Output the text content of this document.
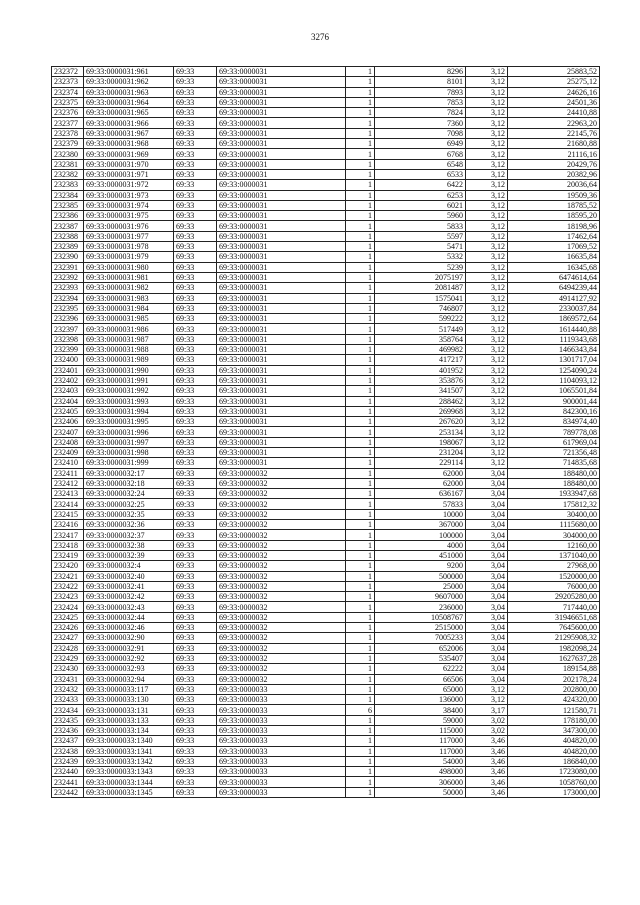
3276
232372	69:33:0000031:961	69:33	69:33:0000031	1	8296	3,12	25883,52
232373	69:33:0000031:962	69:33	69:33:0000031	1	8101	3,12	25275,12
232374	69:33:0000031:963	69:33	69:33:0000031	1	7893	3,12	24626,16
232375	69:33:0000031:964	69:33	69:33:0000031	1	7853	3,12	24501,36
232376	69:33:0000031:965	69:33	69:33:0000031	1	7824	3,12	24410,88
232377	69:33:0000031:966	69:33	69:33:0000031	1	7360	3,12	22963,20
232378	69:33:0000031:967	69:33	69:33:0000031	1	7098	3,12	22145,76
232379	69:33:0000031:968	69:33	69:33:0000031	1	6949	3,12	21680,88
232380	69:33:0000031:969	69:33	69:33:0000031	1	6768	3,12	21116,16
232381	69:33:0000031:970	69:33	69:33:0000031	1	6548	3,12	20429,76
232382	69:33:0000031:971	69:33	69:33:0000031	1	6533	3,12	20382,96
232383	69:33:0000031:972	69:33	69:33:0000031	1	6422	3,12	20036,64
232384	69:33:0000031:973	69:33	69:33:0000031	1	6253	3,12	19509,36
232385	69:33:0000031:974	69:33	69:33:0000031	1	6021	3,12	18785,52
232386	69:33:0000031:975	69:33	69:33:0000031	1	5960	3,12	18595,20
232387	69:33:0000031:976	69:33	69:33:0000031	1	5833	3,12	18198,96
232388	69:33:0000031:977	69:33	69:33:0000031	1	5597	3,12	17462,64
232389	69:33:0000031:978	69:33	69:33:0000031	1	5471	3,12	17069,52
232390	69:33:0000031:979	69:33	69:33:0000031	1	5332	3,12	16635,84
232391	69:33:0000031:980	69:33	69:33:0000031	1	5239	3,12	16345,68
232392	69:33:0000031:981	69:33	69:33:0000031	1	2075197	3,12	6474614,64
232393	69:33:0000031:982	69:33	69:33:0000031	1	2081487	3,12	6494239,44
232394	69:33:0000031:983	69:33	69:33:0000031	1	1575041	3,12	4914127,92
232395	69:33:0000031:984	69:33	69:33:0000031	1	746807	3,12	2330037,84
232396	69:33:0000031:985	69:33	69:33:0000031	1	599222	3,12	1869572,64
232397	69:33:0000031:986	69:33	69:33:0000031	1	517449	3,12	1614440,88
232398	69:33:0000031:987	69:33	69:33:0000031	1	358764	3,12	1119343,68
232399	69:33:0000031:988	69:33	69:33:0000031	1	469982	3,12	1466343,84
232400	69:33:0000031:989	69:33	69:33:0000031	1	417217	3,12	1301717,04
232401	69:33:0000031:990	69:33	69:33:0000031	1	401952	3,12	1254090,24
232402	69:33:0000031:991	69:33	69:33:0000031	1	353876	3,12	1104093,12
232403	69:33:0000031:992	69:33	69:33:0000031	1	341507	3,12	1065501,84
232404	69:33:0000031:993	69:33	69:33:0000031	1	288462	3,12	900001,44
232405	69:33:0000031:994	69:33	69:33:0000031	1	269968	3,12	842300,16
232406	69:33:0000031:995	69:33	69:33:0000031	1	267620	3,12	834974,40
232407	69:33:0000031:996	69:33	69:33:0000031	1	253134	3,12	789778,08
232408	69:33:0000031:997	69:33	69:33:0000031	1	198067	3,12	617969,04
232409	69:33:0000031:998	69:33	69:33:0000031	1	231204	3,12	721356,48
232410	69:33:0000031:999	69:33	69:33:0000031	1	229114	3,12	714835,68
232411	69:33:0000032:17	69:33	69:33:0000032	1	62000	3,04	188480,00
232412	69:33:0000032:18	69:33	69:33:0000032	1	62000	3,04	188480,00
232413	69:33:0000032:24	69:33	69:33:0000032	1	636167	3,04	1933947,68
232414	69:33:0000032:25	69:33	69:33:0000032	1	57833	3,04	175812,32
232415	69:33:0000032:35	69:33	69:33:0000032	1	10000	3,04	30400,00
232416	69:33:0000032:36	69:33	69:33:0000032	1	367000	3,04	1115680,00
232417	69:33:0000032:37	69:33	69:33:0000032	1	100000	3,04	304000,00
232418	69:33:0000032:38	69:33	69:33:0000032	1	4000	3,04	12160,00
232419	69:33:0000032:39	69:33	69:33:0000032	1	451000	3,04	1371040,00
232420	69:33:0000032:4	69:33	69:33:0000032	1	9200	3,04	27968,00
232421	69:33:0000032:40	69:33	69:33:0000032	1	500000	3,04	1520000,00
232422	69:33:0000032:41	69:33	69:33:0000032	1	25000	3,04	76000,00
232423	69:33:0000032:42	69:33	69:33:0000032	1	9607000	3,04	29205280,00
232424	69:33:0000032:43	69:33	69:33:0000032	1	236000	3,04	717440,00
232425	69:33:0000032:44	69:33	69:33:0000032	1	10508767	3,04	31946651,68
232426	69:33:0000032:46	69:33	69:33:0000032	1	2515000	3,04	7645600,00
232427	69:33:0000032:90	69:33	69:33:0000032	1	7005233	3,04	21295908,32
232428	69:33:0000032:91	69:33	69:33:0000032	1	652006	3,04	1982098,24
232429	69:33:0000032:92	69:33	69:33:0000032	1	535407	3,04	1627637,28
232430	69:33:0000032:93	69:33	69:33:0000032	1	62222	3,04	189154,88
232431	69:33:0000032:94	69:33	69:33:0000032	1	66506	3,04	202178,24
232432	69:33:0000033:117	69:33	69:33:0000033	1	65000	3,12	202800,00
232433	69:33:0000033:130	69:33	69:33:0000033	1	136000	3,12	424320,00
232434	69:33:0000033:131	69:33	69:33:0000033	6	38400	3,17	121580,71
232435	69:33:0000033:133	69:33	69:33:0000033	1	59000	3,02	178180,00
232436	69:33:0000033:134	69:33	69:33:0000033	1	115000	3,02	347300,00
232437	69:33:0000033:1340	69:33	69:33:0000033	1	117000	3,46	404820,00
232438	69:33:0000033:1341	69:33	69:33:0000033	1	117000	3,46	404820,00
232439	69:33:0000033:1342	69:33	69:33:0000033	1	54000	3,46	186840,00
232440	69:33:0000033:1343	69:33	69:33:0000033	1	498000	3,46	1723080,00
232441	69:33:0000033:1344	69:33	69:33:0000033	1	306000	3,46	1058760,00
232442	69:33:0000033:1345	69:33	69:33:0000033	1	50000	3,46	173000,00
